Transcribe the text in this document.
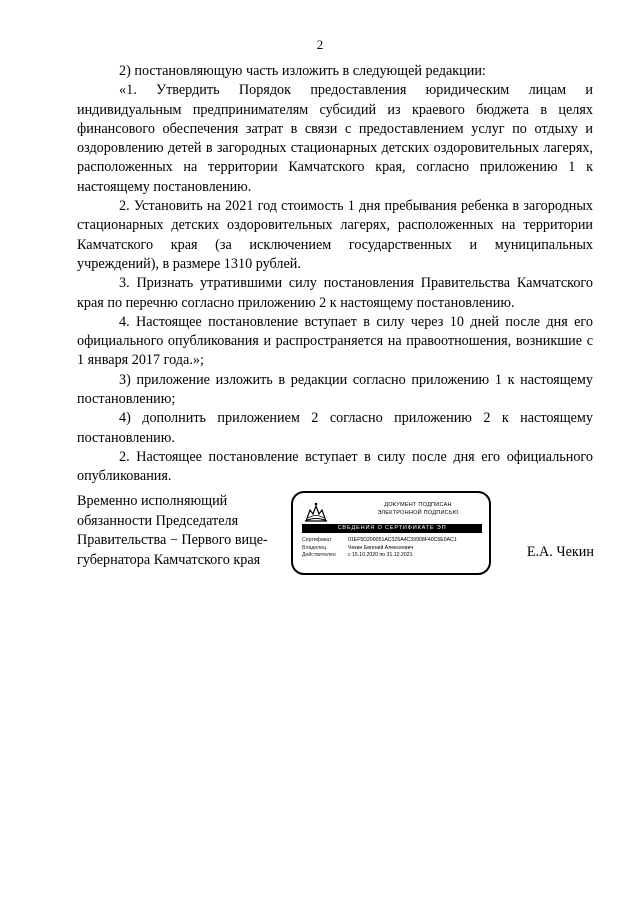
2

2) постановляющую часть изложить в следующей редакции:

«1. Утвердить Порядок предоставления юридическим лицам и индивидуальным предпринимателям субсидий из краевого бюджета в целях финансового обеспечения затрат в связи с предоставлением услуг по отдыху и оздоровлению детей в загородных стационарных детских оздоровительных лагерях, расположенных на территории Камчатского края, согласно приложению 1 к настоящему постановлению.

2. Установить на 2021 год стоимость 1 дня пребывания ребенка в загородных стационарных детских оздоровительных лагерях, расположенных на территории Камчатского края (за исключением государственных и муниципальных учреждений), в размере 1310 рублей.

3. Признать утратившими силу постановления Правительства Камчатского края по перечню согласно приложению 2 к настоящему постановлению.

4. Настоящее постановление вступает в силу через 10 дней после дня его официального опубликования и распространяется на правоотношения, возникшие с 1 января 2017 года.»;

3) приложение изложить в редакции согласно приложению 1 к настоящему постановлению;

4) дополнить приложением 2 согласно приложению 2 к настоящему постановлению.

2. Настоящее постановление вступает в силу после дня его официального опубликования.

Временно исполняющий
обязанности Председателя
Правительства − Первого вице-
губернатора Камчатского края
ДОКУМЕНТ ПОДПИСАН
ЭЛЕКТРОННОЙ ПОДПИСЬЮ
СВЕДЕНИЯ О СЕРТИФИКАТЕ ЭП
Сертификат	01EF5D200051AC326A4C39908F40C5E0AC1
Владелец	Чекин Евгений Алексеевич
Действителен	с 15.10.2020 по 31.12.2021	Е.А. Чекин
